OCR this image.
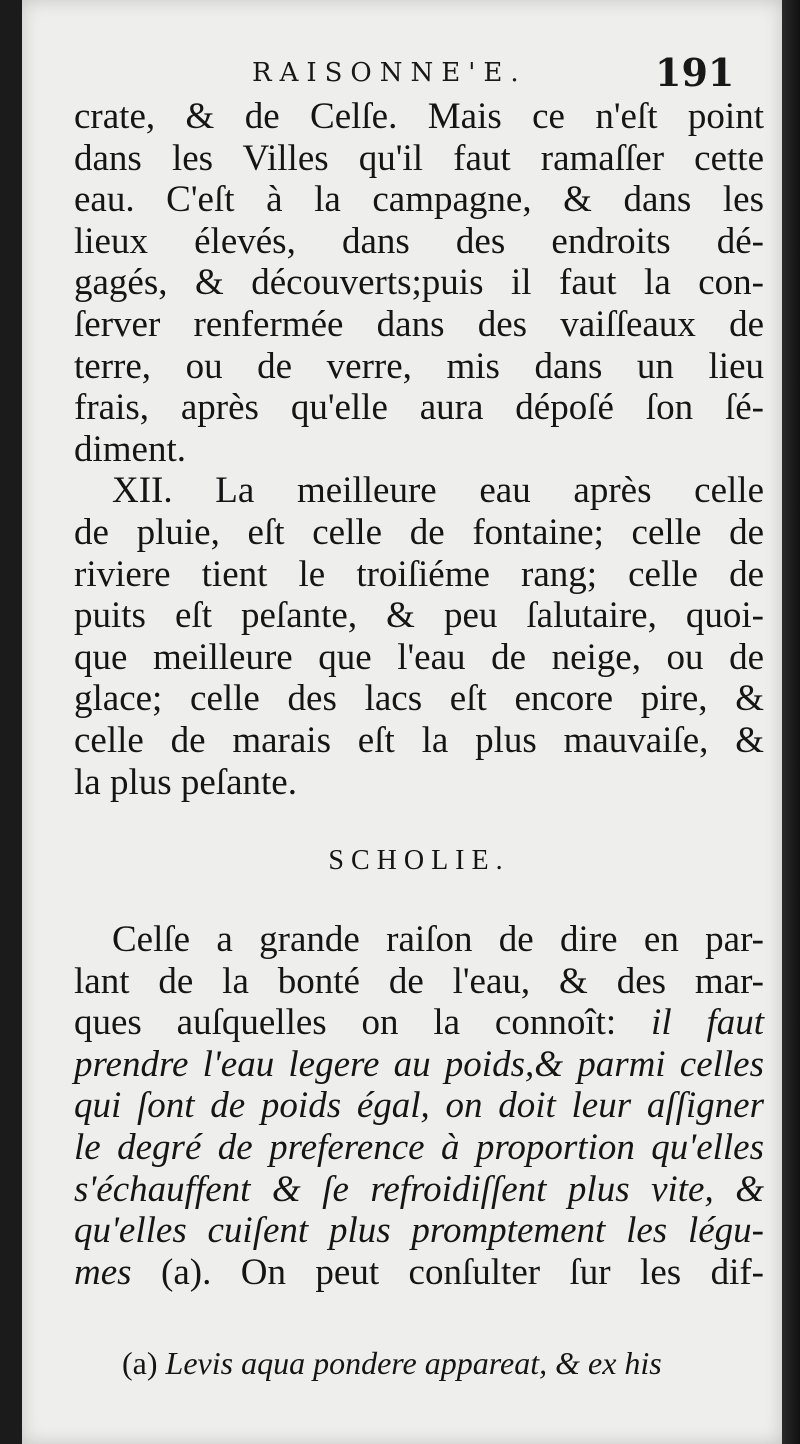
RAISONNE'E.	191
crate, & de Celſe. Mais ce n'eſt point
dans les Villes qu'il faut ramaſſer cette
eau. C'eſt à la campagne, & dans les
lieux élevés, dans des endroits dé-
gagés, & découverts;puis il faut la con-
ſerver renfermée dans des vaiſſeaux de
terre, ou de verre, mis dans un lieu
frais, après qu'elle aura dépoſé ſon ſé-
diment.
XII. La meilleure eau après celle
de pluie, eſt celle de fontaine; celle de
riviere tient le troiſiéme rang; celle de
puits eſt peſante, & peu ſalutaire, quoi-
que meilleure que l'eau de neige, ou de
glace; celle des lacs eſt encore pire, &
celle de marais eſt la plus mauvaiſe, &
la plus peſante.
SCHOLIE.
Celſe a grande raiſon de dire en par-
lant de la bonté de l'eau, & des mar-
ques auſquelles on la connoît: il faut
prendre l'eau legere au poids,& parmi celles
qui ſont de poids égal, on doit leur aſſigner
le degré de preference à proportion qu'elles
s'échauffent & ſe refroidiſſent plus vite, &
qu'elles cuiſent plus promptement les légu-
mes (a). On peut conſulter ſur les dif-
(a) Levis aqua pondere appareat, & ex his
